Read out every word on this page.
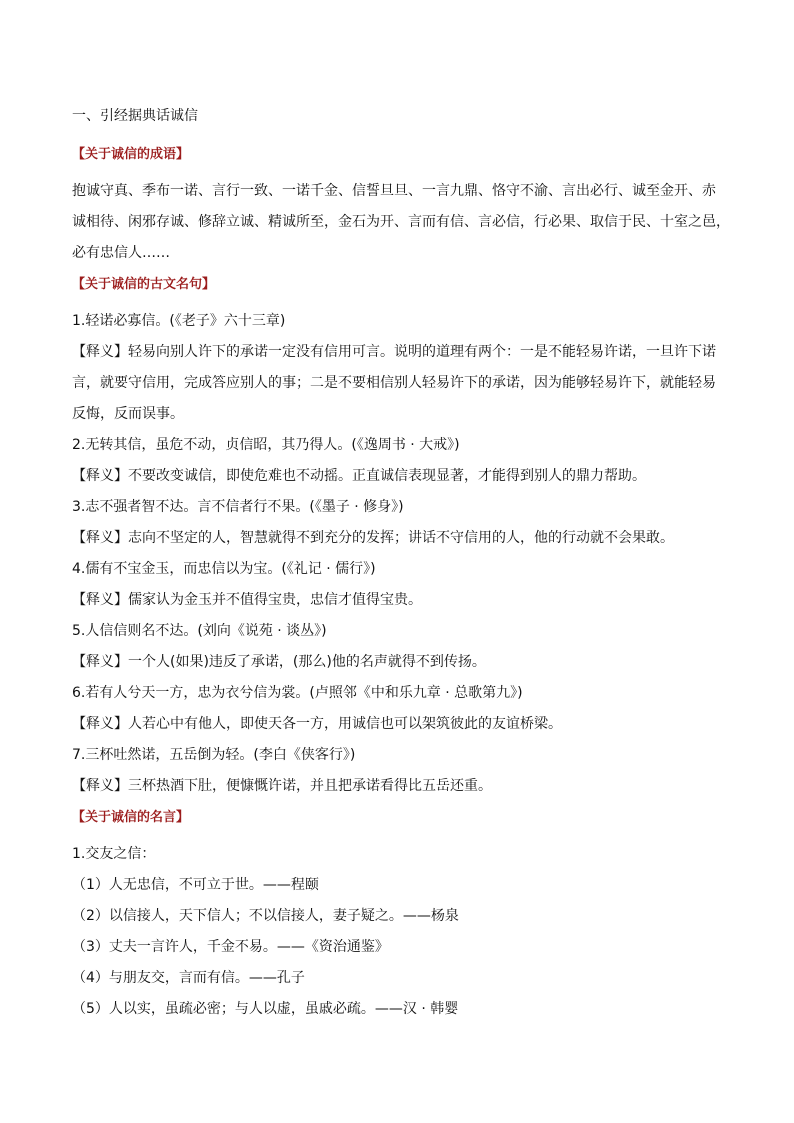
一、引经据典话诚信

【关于诚信的成语】

抱诚守真、季布一诺、言行一致、一诺千金、信誓旦旦、一言九鼎、恪守不渝、言出必行、诚至金开、赤

诚相待、闲邪存诚、修辞立诚、精诚所至，金石为开、言而有信、言必信，行必果、取信于民、十室之邑，

必有忠信人……

【关于诚信的古文名句】

1.轻诺必寡信。(《老子》六十三章)

【释义】轻易向别人许下的承诺一定没有信用可言。说明的道理有两个：一是不能轻易许诺，一旦许下诺

言，就要守信用，完成答应别人的事；二是不要相信别人轻易许下的承诺，因为能够轻易许下，就能轻易

反悔，反而误事。

2.无转其信，虽危不动，贞信昭，其乃得人。(《逸周书 · 大戒》)

【释义】不要改变诚信，即使危难也不动摇。正直诚信表现显著，才能得到别人的鼎力帮助。

3.志不强者智不达。言不信者行不果。(《墨子 · 修身》)

【释义】志向不坚定的人，智慧就得不到充分的发挥；讲话不守信用的人，他的行动就不会果敢。

4.儒有不宝金玉，而忠信以为宝。(《礼记 · 儒行》)

【释义】儒家认为金玉并不值得宝贵，忠信才值得宝贵。

5.人信信则名不达。(刘向《说苑 · 谈丛》)

【释义】一个人(如果)违反了承诺，(那么)他的名声就得不到传扬。

6.若有人兮天一方，忠为衣兮信为裳。(卢照邻《中和乐九章 · 总歌第九》)

【释义】人若心中有他人，即使天各一方，用诚信也可以架筑彼此的友谊桥梁。

7.三杯吐然诺，五岳倒为轻。(李白《侠客行》)

【释义】三杯热酒下肚，便慷慨许诺，并且把承诺看得比五岳还重。

【关于诚信的名言】

1.交友之信：

（1）人无忠信，不可立于世。——程颐

（2）以信接人，天下信人；不以信接人，妻子疑之。——杨泉

（3）丈夫一言许人，千金不易。——《资治通鉴》

（4）与朋友交，言而有信。——孔子

（5）人以实，虽疏必密；与人以虚，虽戚必疏。——汉 · 韩婴
